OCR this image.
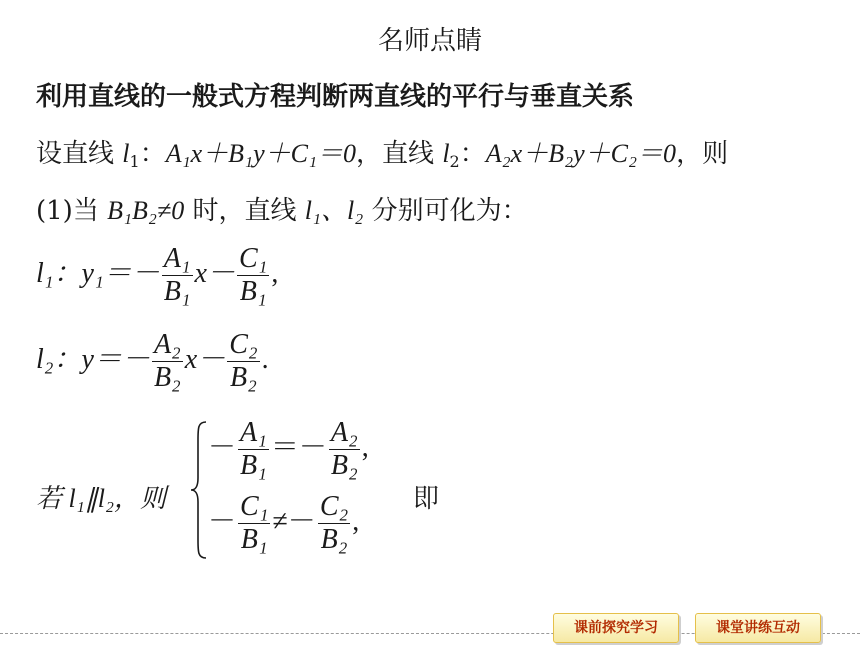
名师点睛
利用直线的一般式方程判断两直线的平行与垂直关系
设直线 $l_1$：A₁x＋B₁y＋C₁＝0，直线 $l_2$：A₂x＋B₂y＋C₂＝0，则
(1)当 B₁B₂≠0 时，直线 l₁、l₂ 分别可化为：
l₁：$y_1=- \frac{\text{A₁}}{\text{B₁}} x- \frac{\text{C₁}}{\text{B₁}}$ ,
l₂：$y=- \frac{\text{A₂}}{\text{B₂}} x- \frac{\text{C₂}}{\text{B₂}}$ .
若 l₁∥l₂，则
－ $\frac{\text{A₁}}{\text{B₁}} =- \frac{\text{A₂}}{\text{B₂}}$ ,
－ $\frac{\text{C₁}}{\text{B₁}} \ne- \frac{\text{C₂}}{\text{B₂}}$ ,
即
课前探究学习	课堂讲练互动
